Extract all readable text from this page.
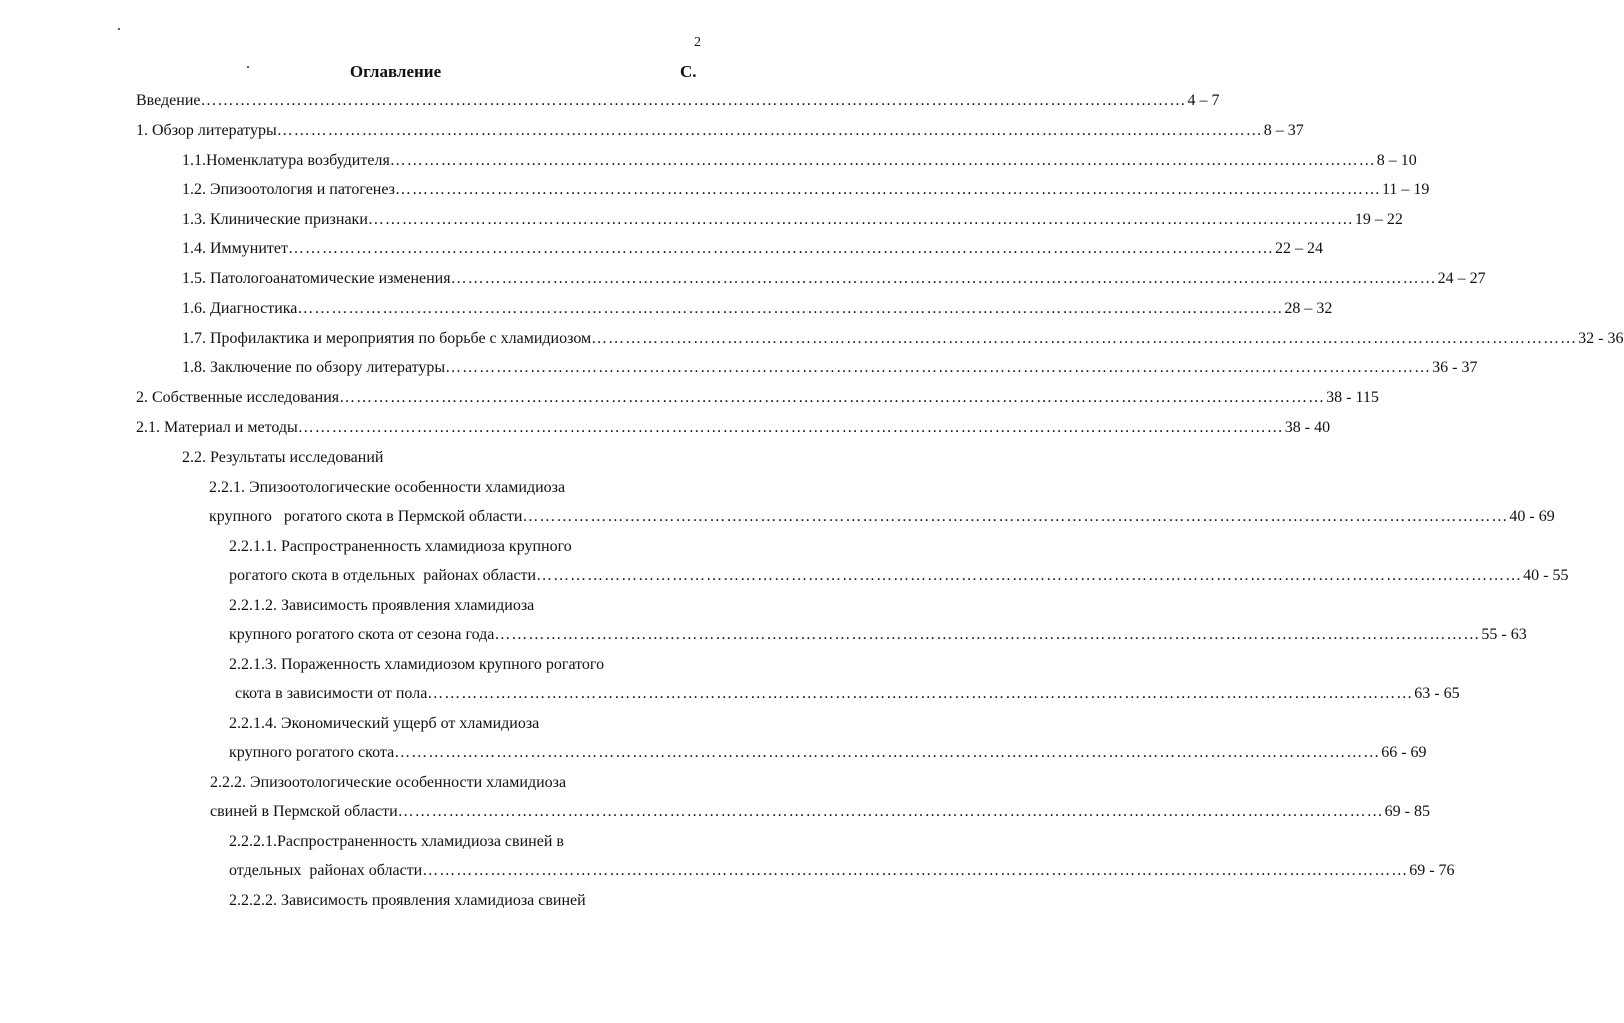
2
Оглавление	С.
Введение ………………………………………………………………………………………………………………………………………………………… 4 – 7
1. Обзор литературы ………………………………………………………………………………………………………………………………………………………… 8 – 37
1.1.Номенклатура возбудителя ………………………………………………………………………………………………………………………………………………………… 8 – 10
1.2. Эпизоотология и патогенез ………………………………………………………………………………………………………………………………………………………… 11 – 19
1.3. Клинические признаки ………………………………………………………………………………………………………………………………………………………… 19 – 22
1.4. Иммунитет ………………………………………………………………………………………………………………………………………………………… 22 – 24
1.5. Патологоанатомические изменения ………………………………………………………………………………………………………………………………………………………… 24 – 27
1.6. Диагностика ………………………………………………………………………………………………………………………………………………………… 28 – 32
1.7. Профилактика и мероприятия по борьбе с хламидиозом ………………………………………………………………………………………………………………………………………………………… 32 - 36
1.8. Заключение по обзору литературы ………………………………………………………………………………………………………………………………………………………… 36 - 37
2. Собственные исследования ………………………………………………………………………………………………………………………………………………………… 38 - 115
2.1. Материал и методы ………………………………………………………………………………………………………………………………………………………… 38 - 40
2.2. Результаты исследований
2.2.1. Эпизоотологические особенности хламидиоза
крупного   рогатого скота в Пермской области ………………………………………………………………………………………………………………………………………………………… 40 - 69
2.2.1.1. Распространенность хламидиоза крупного
рогатого скота в отдельных  районах области ………………………………………………………………………………………………………………………………………………………… 40 - 55
2.2.1.2. Зависимость проявления хламидиоза
крупного рогатого скота от сезона года ………………………………………………………………………………………………………………………………………………………… 55 - 63
2.2.1.3. Пораженность хламидиозом крупного рогатого
скота в зависимости от пола ………………………………………………………………………………………………………………………………………………………… 63 - 65
2.2.1.4. Экономический ущерб от хламидиоза
крупного рогатого скота ………………………………………………………………………………………………………………………………………………………… 66 - 69
2.2.2. Эпизоотологические особенности хламидиоза
свиней в Пермской области ………………………………………………………………………………………………………………………………………………………… 69 - 85
2.2.2.1.Распространенность хламидиоза свиней в
отдельных  районах области ………………………………………………………………………………………………………………………………………………………… 69 - 76
2.2.2.2. Зависимость проявления хламидиоза свиней
